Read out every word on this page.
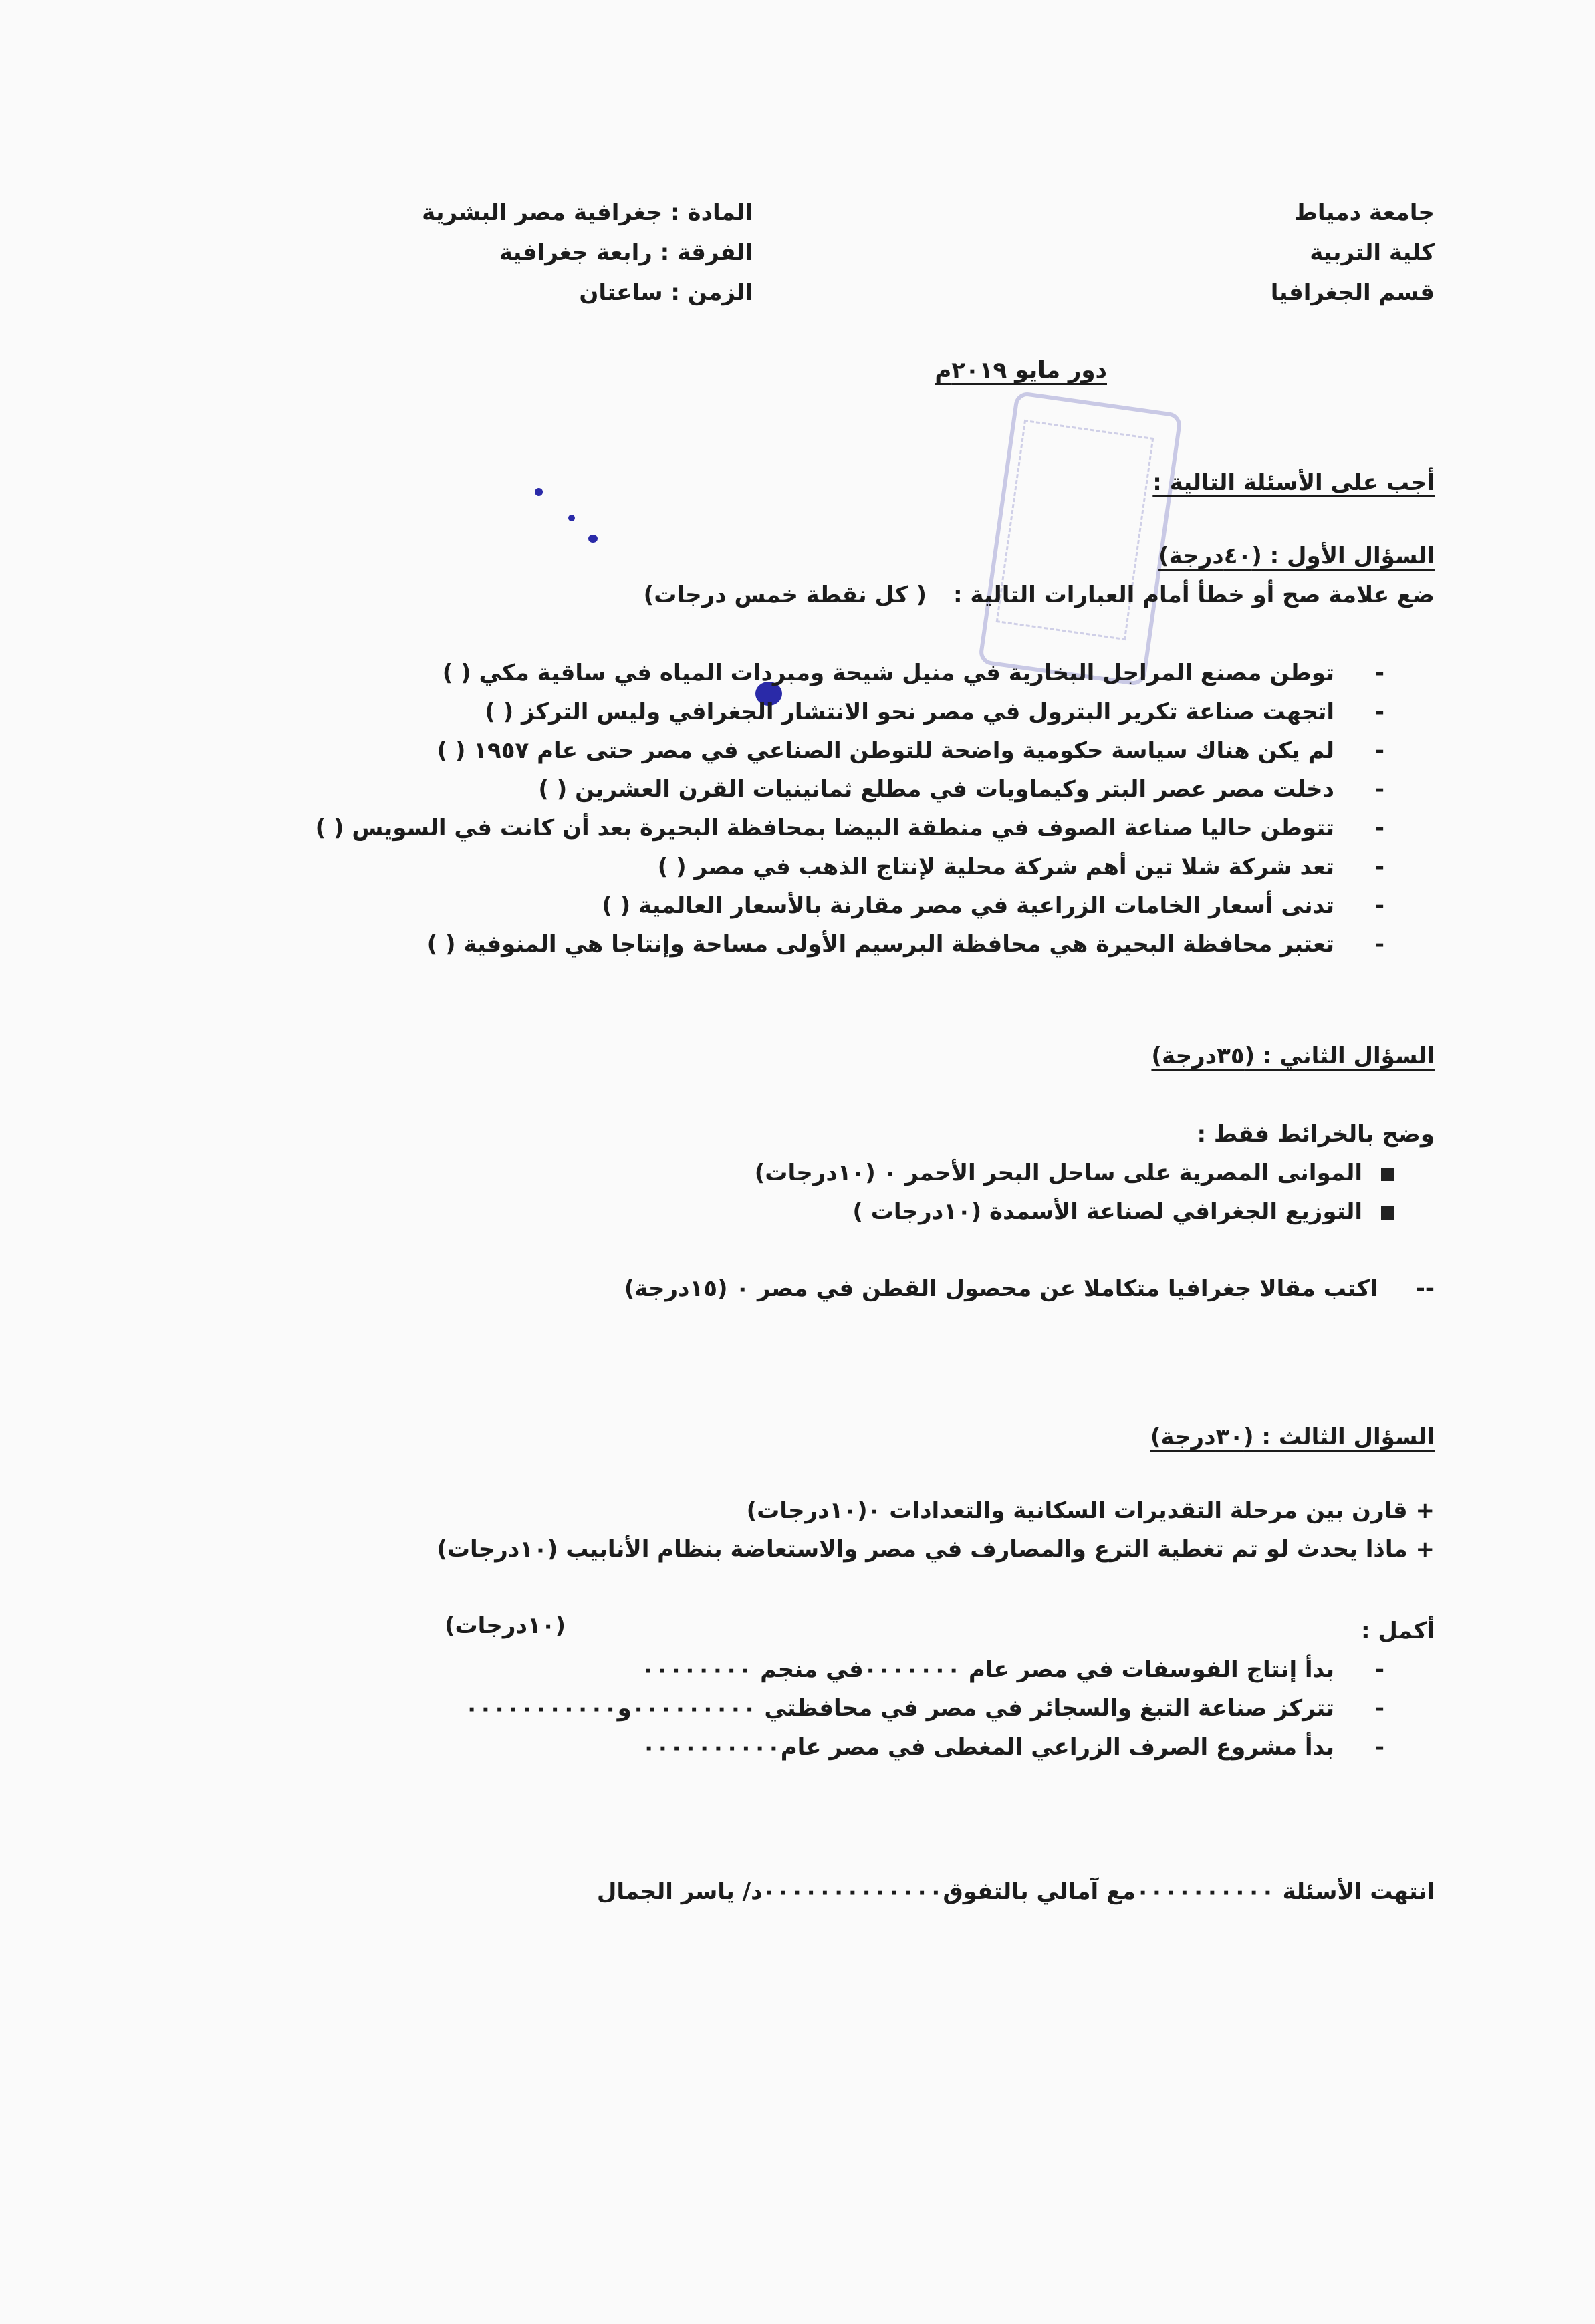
جامعة دمياط
كلية التربية
قسم الجغرافيا
المادة : جغرافية مصر البشرية
الفرقة : رابعة جغرافية
الزمن : ساعتان
دور مايو ٢٠١٩م
أجب على الأسئلة التالية :
السؤال الأول : (٤٠درجة)
ضع علامة صح أو خطأ أمام العبارات التالية :
( كل نقطة خمس درجات)
- توطن مصنع المراجل البخارية في منيل شيحة ومبردات المياه في ساقية مكي ( )
- اتجهت صناعة تكرير البترول في مصر نحو الانتشار الجغرافي وليس التركز ( )
- لم يكن هناك سياسة حكومية واضحة للتوطن الصناعي في مصر حتى عام ١٩٥٧ ( )
- دخلت مصر عصر البتر وكيماويات في مطلع ثمانينيات القرن العشرين ( )
- تتوطن حاليا صناعة الصوف في منطقة البيضا بمحافظة البحيرة بعد أن كانت في السويس ( )
- تعد شركة شلا تين أهم شركة محلية لإنتاج الذهب في مصر ( )
- تدنى أسعار الخامات الزراعية في مصر مقارنة بالأسعار العالمية ( )
- تعتبر محافظة البحيرة هي محافظة البرسيم الأولى مساحة وإنتاجا هي المنوفية ( )
السؤال الثاني : (٣٥درجة)
وضح بالخرائط فقط :
الموانى المصرية على ساحل البحر الأحمر ٠ (١٠درجات)
التوزيع الجغرافي لصناعة الأسمدة (١٠درجات )
اكتب مقالا جغرافيا متكاملا عن محصول القطن في مصر ٠ (١٥درجة) --
السؤال الثالث : (٣٠درجة)
+ قارن بين مرحلة التقديرات السكانية والتعدادات ٠(١٠درجات)
+ ماذا يحدث لو تم تغطية الترع والمصارف في مصر والاستعاضة بنظام الأنابيب (١٠درجات)
أكمل :
(١٠درجات)
- بدأ إنتاج الفوسفات في مصر عام ٠٠٠٠٠٠٠في منجم ٠٠٠٠٠٠٠٠
- تتركز صناعة التبغ والسجائر في مصر في محافظتي ٠٠٠٠٠٠٠٠٠و٠٠٠٠٠٠٠٠٠٠٠
- بدأ مشروع الصرف الزراعي المغطى في مصر عام٠٠٠٠٠٠٠٠٠٠
انتهت الأسئلة ٠٠٠٠٠٠٠٠٠٠مع آمالي بالتفوق٠٠٠٠٠٠٠٠٠٠٠٠٠د/ ياسر الجمال
